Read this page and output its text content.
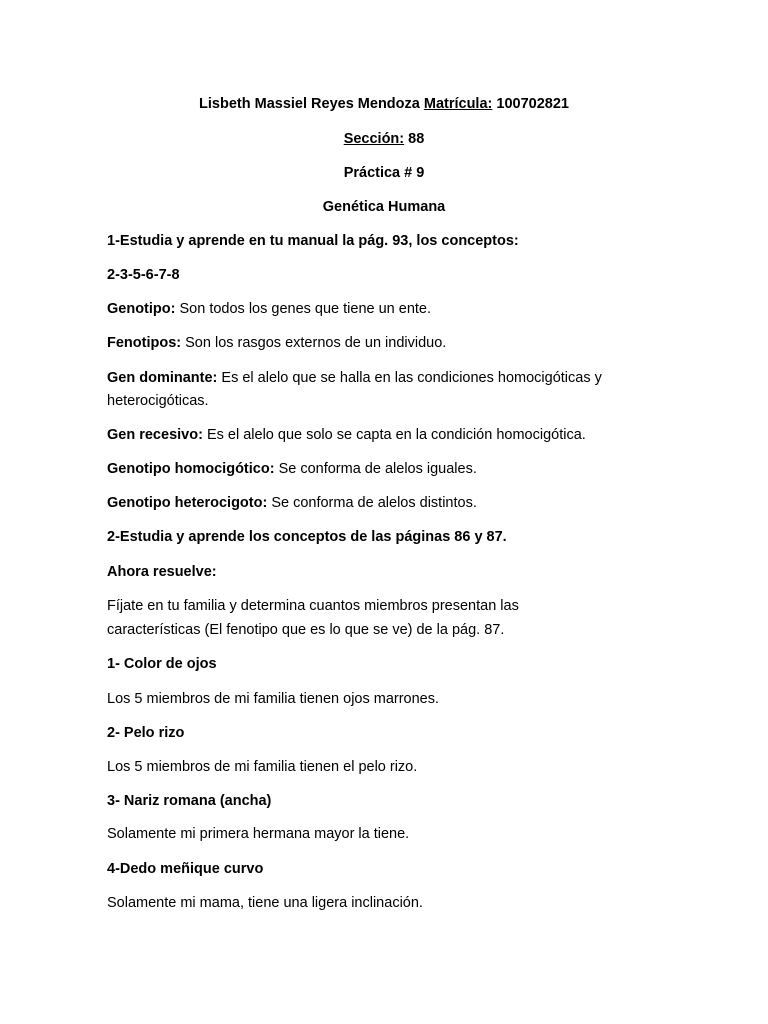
Lisbeth Massiel Reyes Mendoza Matrícula: 100702821
Sección: 88
Práctica # 9
Genética Humana
1-Estudia y aprende en tu manual la pág. 93, los conceptos:
2-3-5-6-7-8
Genotipo: Son todos los genes que tiene un ente.
Fenotipos: Son los rasgos externos de un individuo.
Gen dominante: Es el alelo que se halla en las condiciones homocigóticas y
heterocigóticas.
Gen recesivo: Es el alelo que solo se capta en la condición homocigótica.
Genotipo homocigótico: Se conforma de alelos iguales.
Genotipo heterocigoto: Se conforma de alelos distintos.
2-Estudia y aprende los conceptos de las páginas 86 y 87.
Ahora resuelve:
Fíjate en tu familia y determina cuantos miembros presentan las
características (El fenotipo que es lo que se ve) de la pág. 87.
1- Color de ojos
Los 5 miembros de mi familia tienen ojos marrones.
2- Pelo rizo
Los 5 miembros de mi familia tienen el pelo rizo.
3- Nariz romana (ancha)
Solamente mi primera hermana mayor la tiene.
4-Dedo meñique curvo
Solamente mi mama, tiene una ligera inclinación.
